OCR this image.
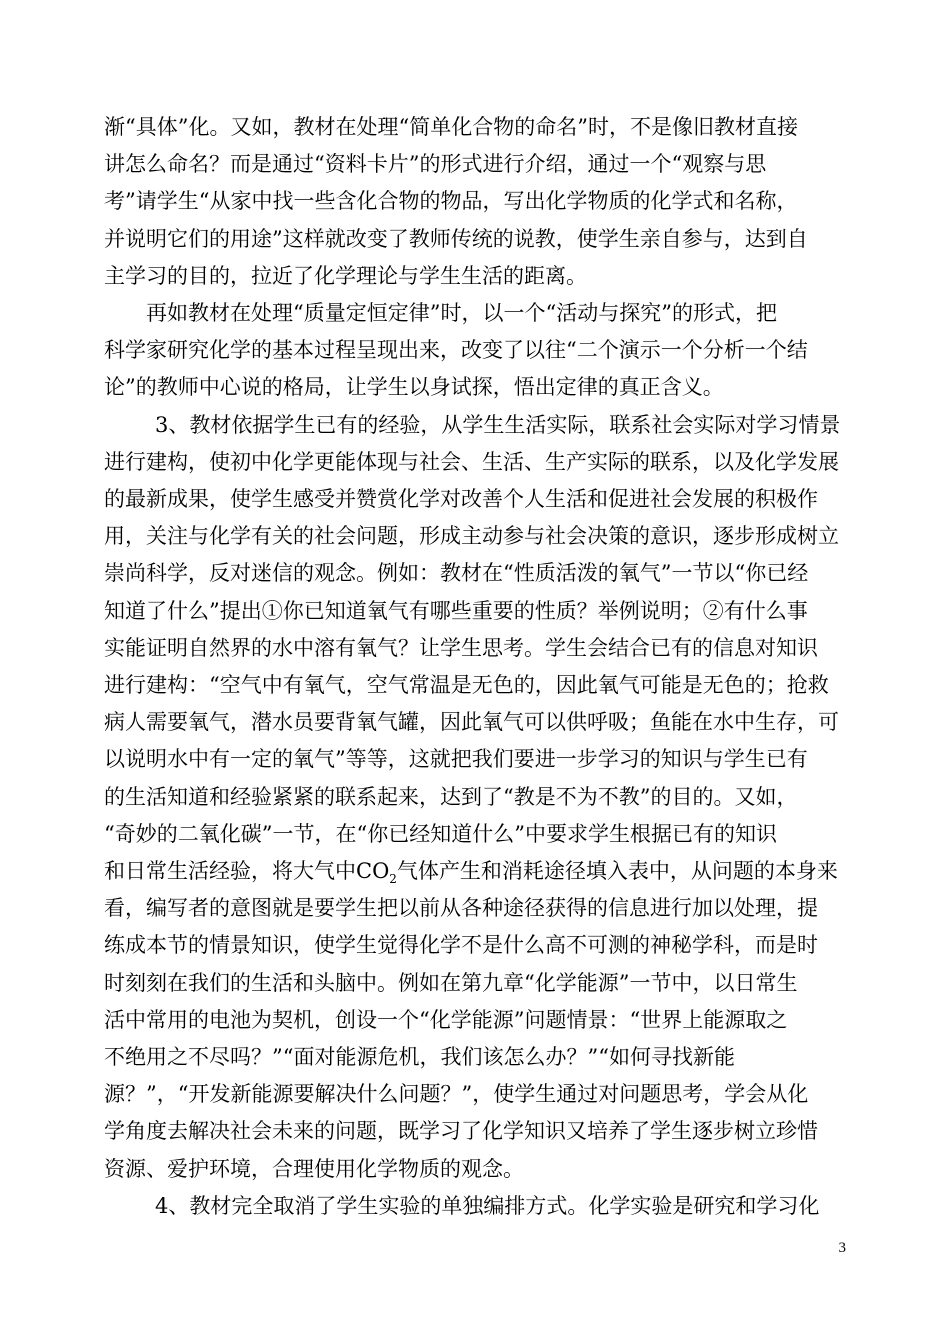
渐“具体”化。又如，教材在处理“简单化合物的命名”时，不是像旧教材直接
讲怎么命名？而是通过“资料卡片”的形式进行介绍，通过一个“观察与思
考”请学生“从家中找一些含化合物的物品，写出化学物质的化学式和名称，
并说明它们的用途”这样就改变了教师传统的说教，使学生亲自参与，达到自
主学习的目的，拉近了化学理论与学生生活的距离。
再如教材在处理“质量定恒定律”时，以一个“活动与探究”的形式，把
科学家研究化学的基本过程呈现出来，改变了以往“二个演示一个分析一个结
论”的教师中心说的格局，让学生以身试探，悟出定律的真正含义。
3、教材依据学生已有的经验，从学生生活实际，联系社会实际对学习情景
进行建构，使初中化学更能体现与社会、生活、生产实际的联系，以及化学发展
的最新成果，使学生感受并赞赏化学对改善个人生活和促进社会发展的积极作
用，关注与化学有关的社会问题，形成主动参与社会决策的意识，逐步形成树立
崇尚科学，反对迷信的观念。例如：教材在“性质活泼的氧气”一节以“你已经
知道了什么”提出①你已知道氧气有哪些重要的性质？举例说明；②有什么事
实能证明自然界的水中溶有氧气？让学生思考。学生会结合已有的信息对知识
进行建构：“空气中有氧气，空气常温是无色的，因此氧气可能是无色的；抢救
病人需要氧气，潜水员要背氧气罐，因此氧气可以供呼吸；鱼能在水中生存，可
以说明水中有一定的氧气”等等，这就把我们要进一步学习的知识与学生已有
的生活知道和经验紧紧的联系起来，达到了“教是不为不教”的目的。又如，
“奇妙的二氧化碳”一节，在“你已经知道什么”中要求学生根据已有的知识
和日常生活经验，将大气中$CO_2$气体产生和消耗途径填入表中，从问题的本身来
看，编写者的意图就是要学生把以前从各种途径获得的信息进行加以处理，提
练成本节的情景知识，使学生觉得化学不是什么高不可测的神秘学科，而是时
时刻刻在我们的生活和头脑中。例如在第九章“化学能源”一节中，以日常生
活中常用的电池为契机，创设一个“化学能源”问题情景：“世界上能源取之
不绝用之不尽吗？”“面对能源危机，我们该怎么办？”“如何寻找新能
源？”，“开发新能源要解决什么问题？”，使学生通过对问题思考，学会从化
学角度去解决社会未来的问题，既学习了化学知识又培养了学生逐步树立珍惜
资源、爱护环境，合理使用化学物质的观念。
4、教材完全取消了学生实验的单独编排方式。化学实验是研究和学习化
3
